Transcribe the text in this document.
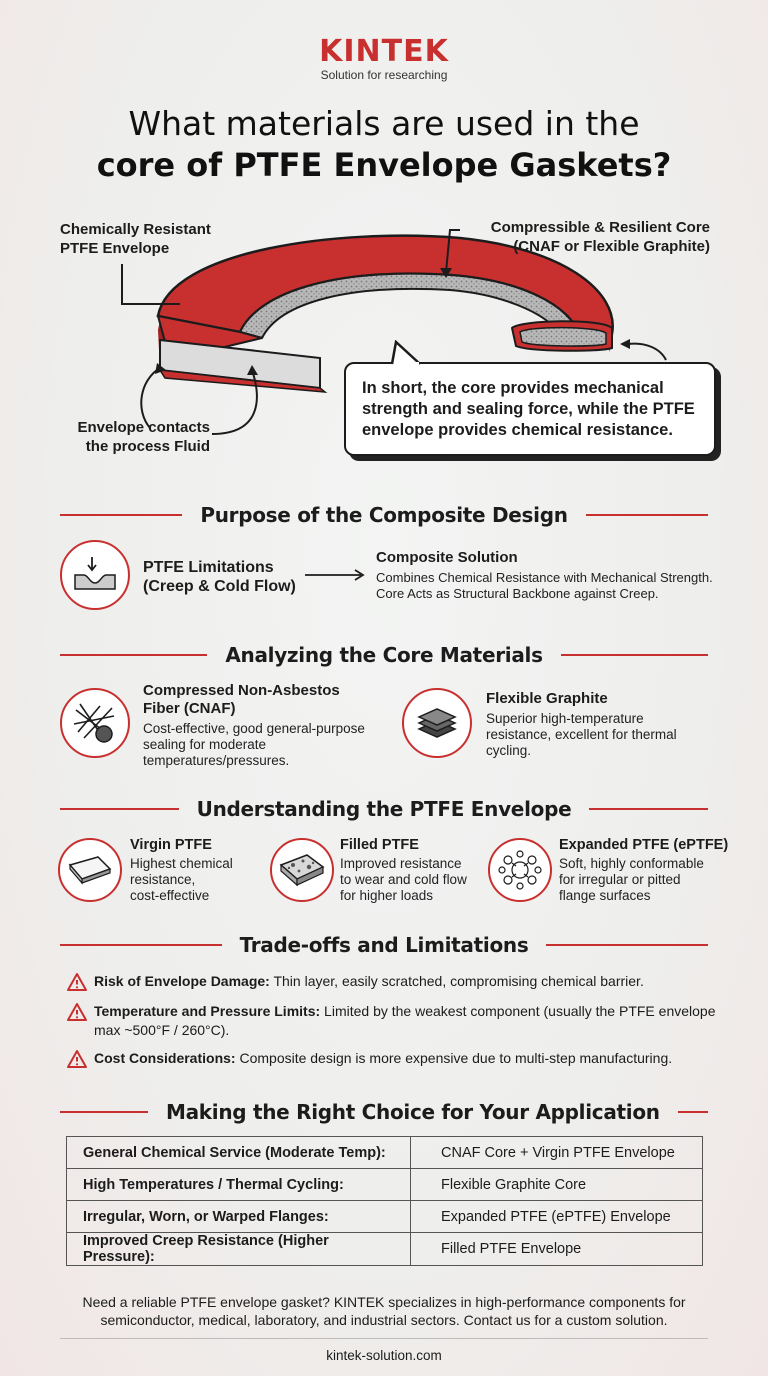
KINTEK
Solution for researching
What materials are used in the
core of PTFE Envelope Gaskets?
Chemically Resistant
PTFE Envelope
Compressible & Resilient Core
(CNAF or Flexible Graphite)
Envelope contacts
the process Fluid
In short, the core provides mechanical strength and sealing force, while the PTFE envelope provides chemical resistance.
Purpose of the Composite Design
PTFE Limitations
(Creep & Cold Flow)
Composite Solution
Combines Chemical Resistance with Mechanical Strength.
Core Acts as Structural Backbone against Creep.
Analyzing the Core Materials
Compressed Non-Asbestos
Fiber (CNAF)
Cost-effective, good general-purpose
sealing for moderate
temperatures/pressures.
Flexible Graphite
Superior high-temperature
resistance, excellent for thermal
cycling.
Understanding the PTFE Envelope
Virgin PTFE
Highest chemical
resistance,
cost-effective
Filled PTFE
Improved resistance
to wear and cold flow
for higher loads
Expanded PTFE (ePTFE)
Soft, highly conformable
for irregular or pitted
flange surfaces
Trade-offs and Limitations
Risk of Envelope Damage: Thin layer, easily scratched, compromising chemical barrier.
Temperature and Pressure Limits: Limited by the weakest component (usually the PTFE envelope max ~500°F / 260°C).
Cost Considerations: Composite design is more expensive due to multi-step manufacturing.
Making the Right Choice for Your Application
General Chemical Service (Moderate Temp):	CNAF Core + Virgin PTFE Envelope
High Temperatures / Thermal Cycling:	Flexible Graphite Core
Irregular, Worn, or Warped Flanges:	Expanded PTFE (ePTFE) Envelope
Improved Creep Resistance (Higher Pressure):	Filled PTFE Envelope
Need a reliable PTFE envelope gasket? KINTEK specializes in high-performance components for
semiconductor, medical, laboratory, and industrial sectors. Contact us for a custom solution.
kintek-solution.com
